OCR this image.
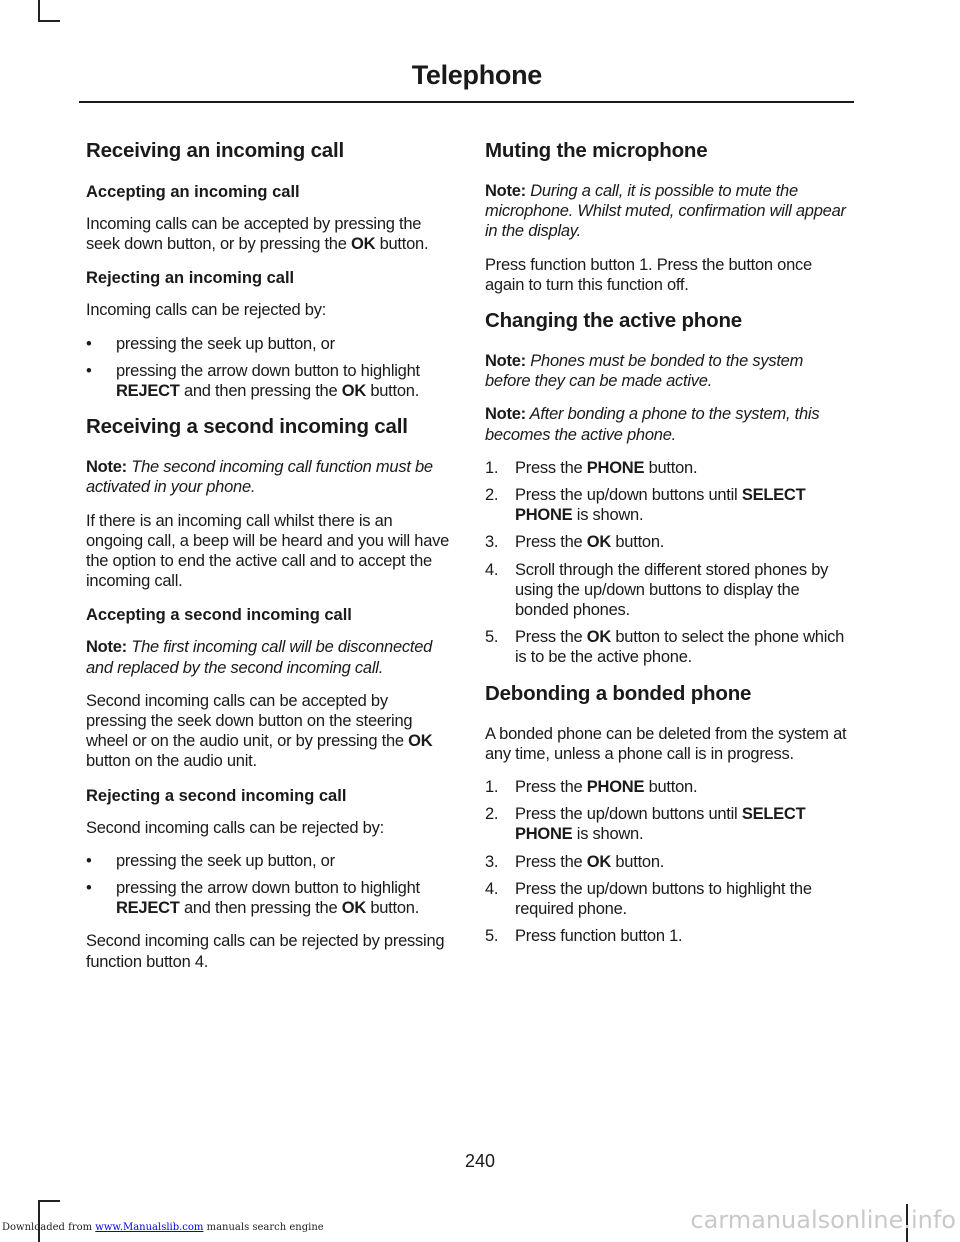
Telephone
Receiving an incoming call
Accepting an incoming call

Incoming calls can be accepted by pressing the seek down button, or by pressing the OK button.

Rejecting an incoming call

Incoming calls can be rejected by:

• pressing the seek up button, or
• pressing the arrow down button to highlight REJECT and then pressing the OK button.
Receiving a second incoming call

Note: The second incoming call function must be activated in your phone.

If there is an incoming call whilst there is an ongoing call, a beep will be heard and you will have the option to end the active call and to accept the incoming call.

Accepting a second incoming call

Note: The first incoming call will be disconnected and replaced by the second incoming call.

Second incoming calls can be accepted by pressing the seek down button on the steering wheel or on the audio unit, or by pressing the OK button on the audio unit.

Rejecting a second incoming call

Second incoming calls can be rejected by:

• pressing the seek up button, or
• pressing the arrow down button to highlight REJECT and then pressing the OK button.

Second incoming calls can be rejected by pressing function button 4.

Muting the microphone

Note: During a call, it is possible to mute the microphone. Whilst muted, confirmation will appear in the display.

Press function button 1. Press the button once again to turn this function off.

Changing the active phone

Note: Phones must be bonded to the system before they can be made active.

Note: After bonding a phone to the system, this becomes the active phone.

1. Press the PHONE button.
2. Press the up/down buttons until SELECT PHONE is shown.
3. Press the OK button.
4. Scroll through the different stored phones by using the up/down buttons to display the bonded phones.
5. Press the OK button to select the phone which is to be the active phone.
Debonding a bonded phone

A bonded phone can be deleted from the system at any time, unless a phone call is in progress.

1. Press the PHONE button.
2. Press the up/down buttons until SELECT PHONE is shown.
3. Press the OK button.
4. Press the up/down buttons to highlight the required phone.
5. Press function button 1.
240
Downloaded from www.Manualslib.com manuals search engine	carmanualsonline.info
